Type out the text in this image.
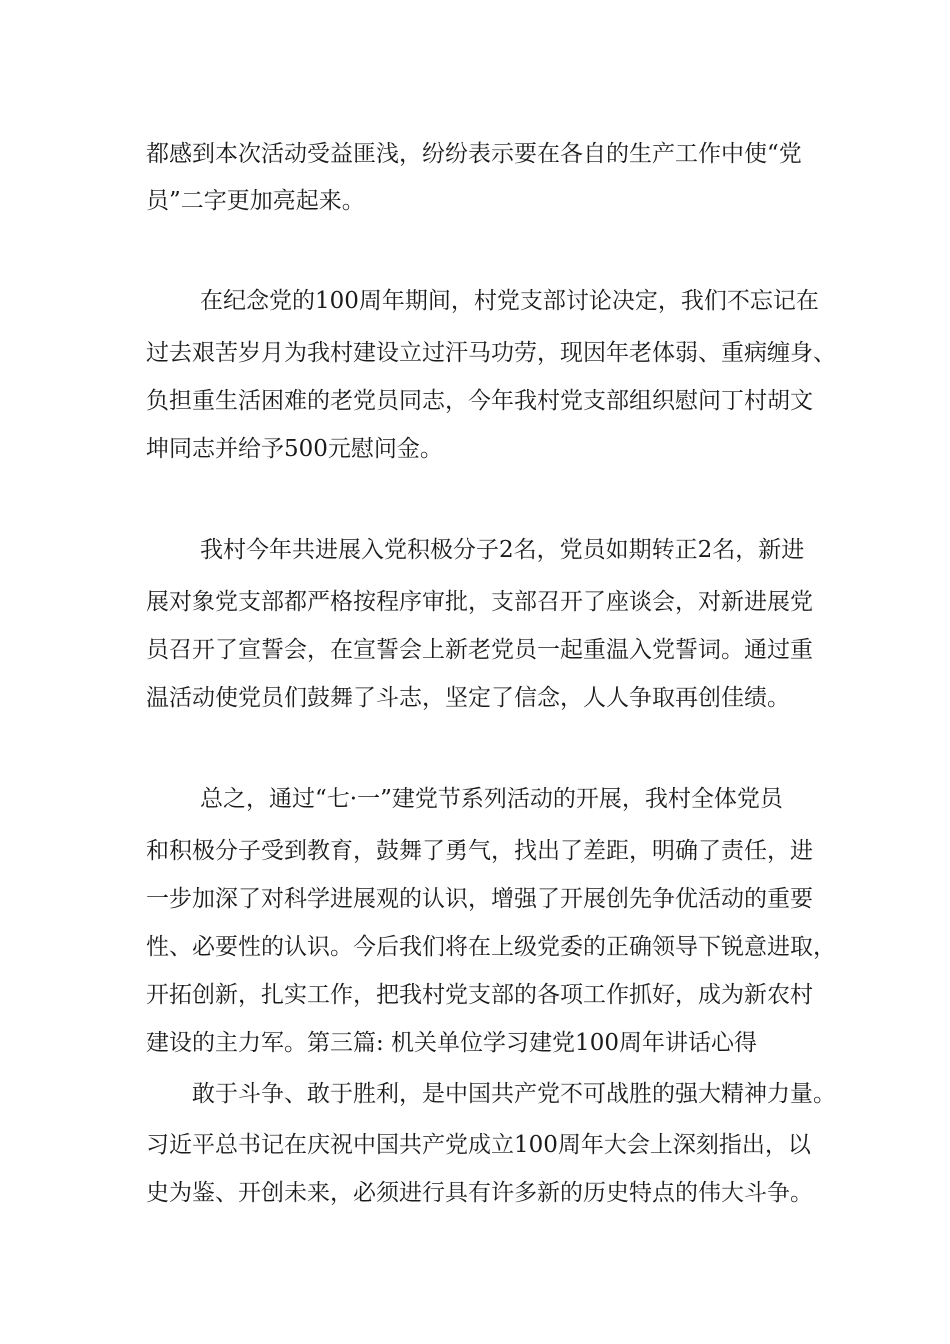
都感到本次活动受益匪浅，纷纷表示要在各自的生产工作中使“党
员”二字更加亮起来。
在纪念党的100周年期间，村党支部讨论决定，我们不忘记在
过去艰苦岁月为我村建设立过汗马功劳，现因年老体弱、重病缠身、
负担重生活困难的老党员同志，今年我村党支部组织慰问丁村胡文
坤同志并给予500元慰问金。
我村今年共进展入党积极分子2名，党员如期转正2名，新进
展对象党支部都严格按程序审批，支部召开了座谈会，对新进展党
员召开了宣誓会，在宣誓会上新老党员一起重温入党誓词。通过重
温活动使党员们鼓舞了斗志，坚定了信念，人人争取再创佳绩。
总之，通过“七·一”建党节系列活动的开展，我村全体党员
和积极分子受到教育，鼓舞了勇气，找出了差距，明确了责任，进
一步加深了对科学进展观的认识，增强了开展创先争优活动的重要
性、必要性的认识。今后我们将在上级党委的正确领导下锐意进取，
开拓创新，扎实工作，把我村党支部的各项工作抓好，成为新农村
建设的主力军。第三篇: 机关单位学习建党100周年讲话心得
敢于斗争、敢于胜利，是中国共产党不可战胜的强大精神力量。
习近平总书记在庆祝中国共产党成立100周年大会上深刻指出，以
史为鉴、开创未来，必须进行具有许多新的历史特点的伟大斗争。
